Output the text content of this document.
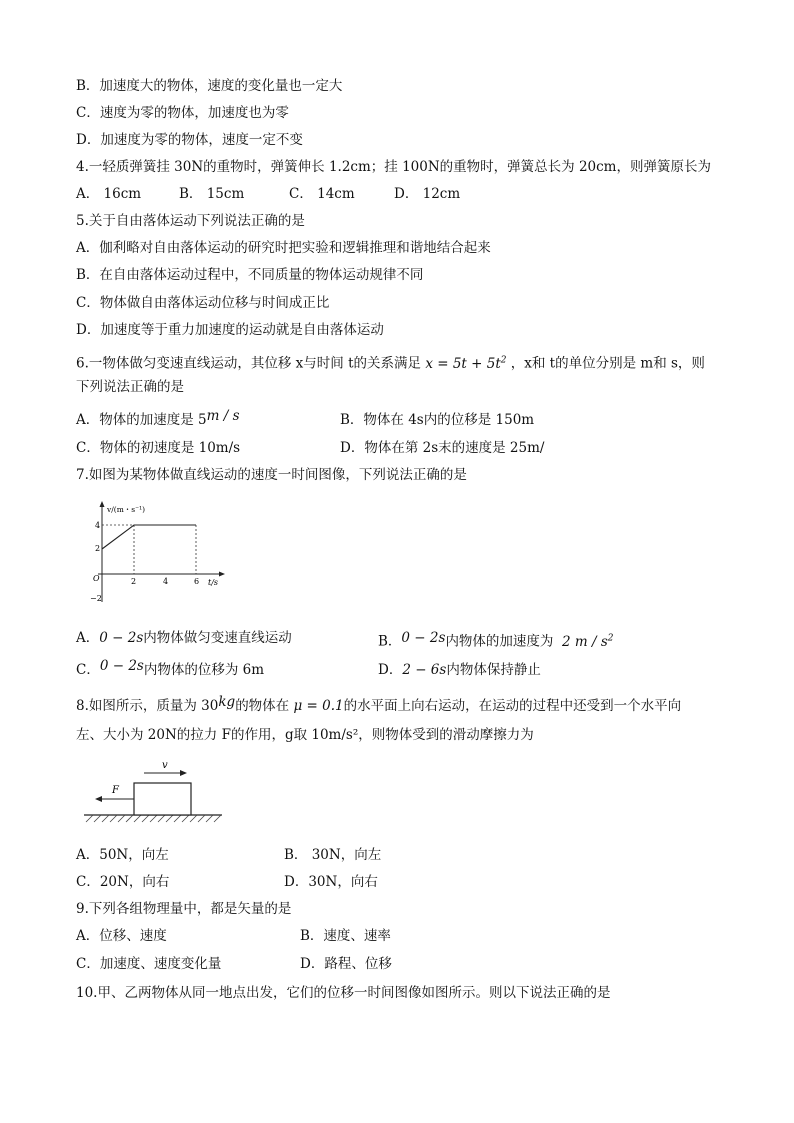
B．加速度大的物体，速度的变化量也一定大
C．速度为零的物体，加速度也为零
D．加速度为零的物体，速度一定不变
4.一轻质弹簧挂 30N的重物时，弹簧伸长 1.2cm；挂 100N的重物时，弹簧总长为 20cm，则弹簧原长为
A． 16cm	B． 15cm	C． 14cm	D． 12cm
5.关于自由落体运动下列说法正确的是
A．伽利略对自由落体运动的研究时把实验和逻辑推理和谐地结合起来
B．在自由落体运动过程中，不同质量的物体运动规律不同
C．物体做自由落体运动位移与时间成正比
D．加速度等于重力加速度的运动就是自由落体运动
6.一物体做匀变速直线运动，其位移 x与时间 t的关系满足 $x = 5t + 5t^2$ ，x和 t的单位分别是 m和 s，则
下列说法正确的是
A．物体的加速度是 5m / s	B．物体在 4s内的位移是 150m
C．物体的初速度是 10m/s	D．物体在第 2s末的速度是 25m/
7.如图为某物体做直线运动的速度一时间图像，下列说法正确的是
v/(m・s⁻¹)
t/s
O
4
2
−2
2	4	6
A．0 − 2s内物体做匀变速直线运动	B．0 − 2s内物体的加速度为 2 m / $s^2$
C．0 − 2s内物体的位移为 6m	D．2 − 6s内物体保持静止
8.如图所示，质量为 30kg的物体在 μ = 0.1的水平面上向右运动，在运动的过程中还受到一个水平向
左、大小为 20N的拉力 F的作用，g取 10m/s²，则物体受到的滑动摩擦力为
v
F
A．50N，向左	B． 30N，向左
C．20N，向右	D．30N，向右
9.下列各组物理量中，都是矢量的是
A．位移、速度	B．速度、速率
C．加速度、速度变化量	D．路程、位移
10.甲、乙两物体从同一地点出发，它们的位移一时间图像如图所示。则以下说法正确的是
